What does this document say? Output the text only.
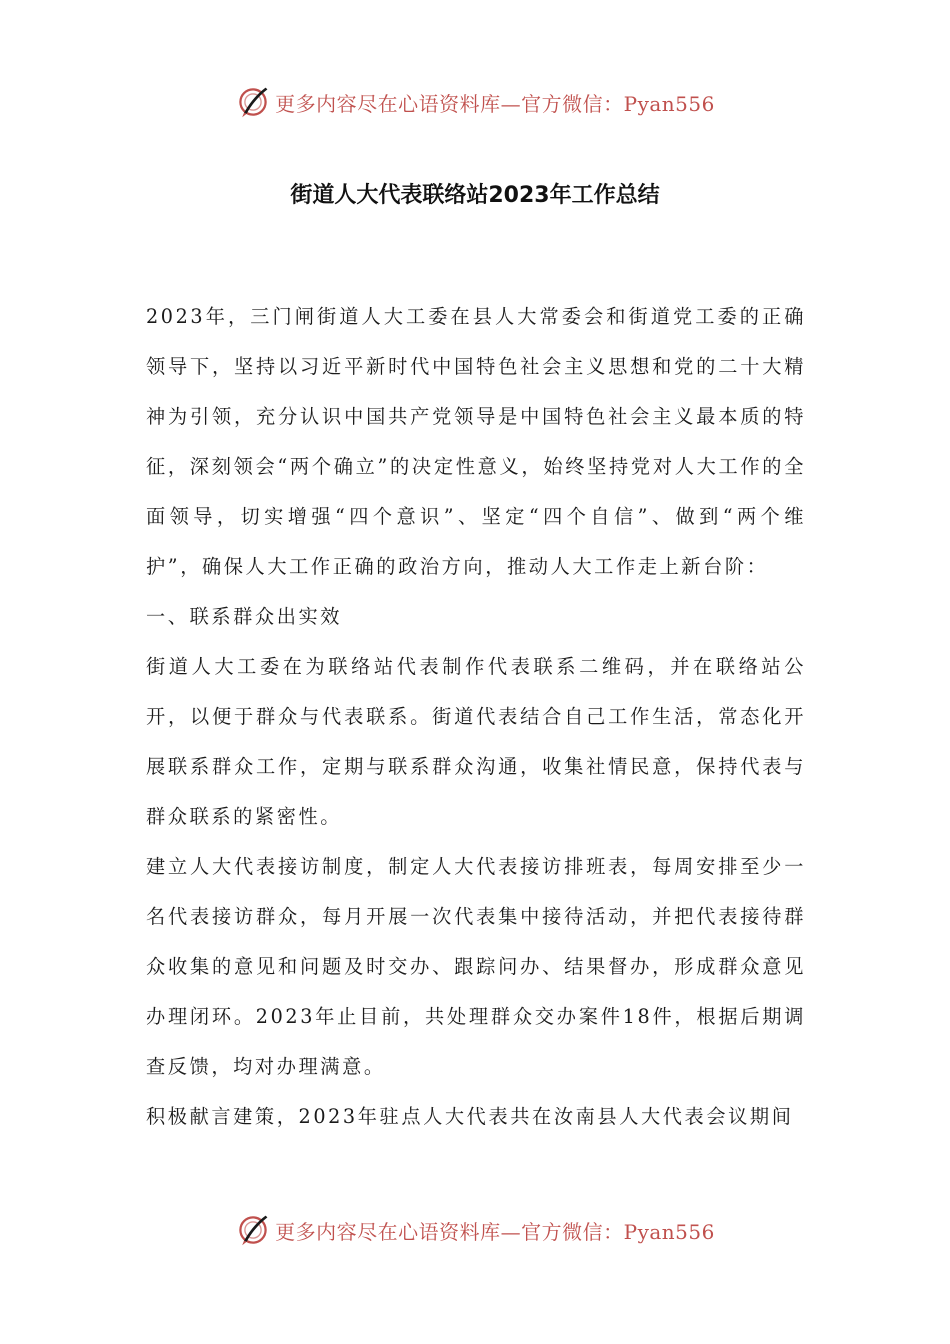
更多内容尽在心语资料库—官方微信：Pyan556
街道人大代表联络站2023年工作总结

2023年，三门闸街道人大工委在县人大常委会和街道党工委的正确领导下，坚持以习近平新时代中国特色社会主义思想和党的二十大精神为引领，充分认识中国共产党领导是中国特色社会主义最本质的特征，深刻领会“两个确立”的决定性意义，始终坚持党对人大工作的全面领导，切实增强“四个意识”、坚定“四个自信”、做到“两个维护”，确保人大工作正确的政治方向，推动人大工作走上新台阶：

一、联系群众出实效

街道人大工委在为联络站代表制作代表联系二维码，并在联络站公开，以便于群众与代表联系。街道代表结合自己工作生活，常态化开展联系群众工作，定期与联系群众沟通，收集社情民意，保持代表与群众联系的紧密性。

建立人大代表接访制度，制定人大代表接访排班表，每周安排至少一名代表接访群众，每月开展一次代表集中接待活动，并把代表接待群众收集的意见和问题及时交办、跟踪问办、结果督办，形成群众意见办理闭环。2023年止目前，共处理群众交办案件18件，根据后期调查反馈，均对办理满意。

积极献言建策，2023年驻点人大代表共在汝南县人大代表会议期间

更多内容尽在心语资料库—官方微信：Pyan556
